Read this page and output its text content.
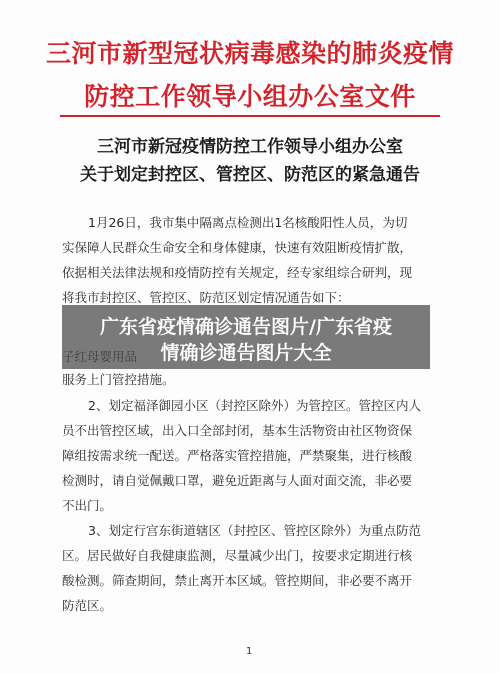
三河市新型冠状病毒感染的肺炎疫情
防控工作领导小组办公室文件
三河市新冠疫情防控工作领导小组办公室
关于划定封控区、管控区、防范区的紧急通告
1月26日，我市集中隔离点检测出1名核酸阳性人员，为切
实保障人民群众生命安全和身体健康，快速有效阻断疫情扩散，
依据相关法律法规和疫情防控有关规定，经专家组综合研判，现
将我市封控区、管控区、防范区划定情况通告如下：
服务上门管控措施。
2、划定福泽御园小区（封控区除外）为管控区。管控区内人
员不出管控区域，出入口全部封闭，基本生活物资由社区物资保
障组按需求统一配送。严格落实管控措施，严禁聚集，进行核酸
检测时，请自觉佩戴口罩，避免近距离与人面对面交流，非必要
不出门。
3、划定行宫东街道辖区（封控区、管控区除外）为重点防范
区。居民做好自我健康监测，尽量减少出门，按要求定期进行核
酸检测。筛查期间，禁止离开本区域。管控期间，非必要不离开
防范区。
广东省疫情确诊通告图片/广东省疫
情确诊通告图片大全
1
